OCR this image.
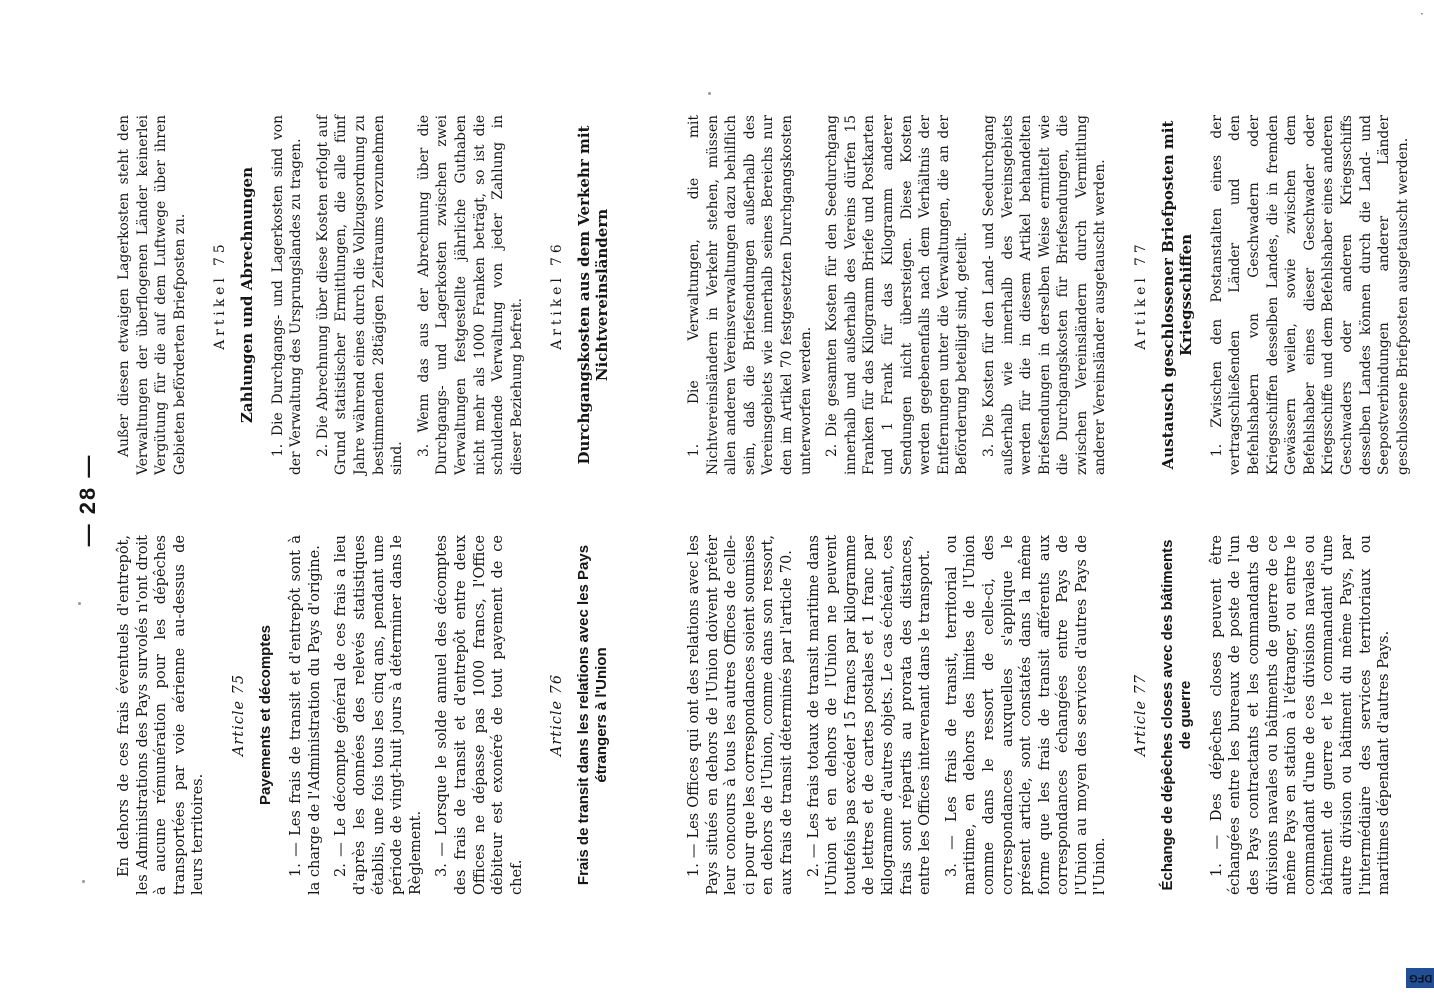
— 28 —

En dehors de ces frais éventuels d'entrepôt, les Administrations des Pays survolés n'ont droit à aucune rémunération pour les dépêches transportées par voie aérienne au-dessus de leurs territoires.

Article 75 Payements et décomptes 1. — Les frais de transit et d'entrepôt sont à la charge de l'Administration du Pays d'origine. 2. — Le décompte général de ces frais a lieu d'après les données des relevés statistiques établis, une fois tous les cinq ans, pendant une période de vingt-huit jours à déterminer dans le Règlement. 3. — Lorsque le solde annuel des décomptes des frais de transit et d'entrepôt entre deux Offices ne dépasse pas 1000 francs, l'Office débiteur est exonéré de tout payement de ce chef.

Article 76 Frais de transit dans les relations avec les Pays étrangers à l'Union	1. — Les Offices qui ont des relations avec les Pays situés en dehors de l'Union doivent prêter leur concours à tous les autres Offices de celle-ci pour que les correspondances soient soumises en dehors de l'Union, comme dans son ressort, aux frais de transit déterminés par l'article 70. 2. — Les frais totaux de transit maritime dans l'Union et en dehors de l'Union ne peuvent toutefois pas excéder 15 francs par kilogramme de lettres et de cartes postales et 1 franc par kilogramme d'autres objets. Le cas échéant, ces frais sont répartis au prorata des distances, entre les Offices intervenant dans le transport. 3. — Les frais de transit, territorial ou maritime, en dehors des limites de l'Union comme dans le ressort de celle-ci, des correspondances auxquelles s'applique le présent article, sont constatés dans la même forme que les frais de transit afférents aux correspondances échangées entre Pays de l'Union au moyen des services d'autres Pays de l'Union.

Article 77 Échange de dépêches closes avec des bâtiments de guerre 1. — Des dépêches closes peuvent être échangées entre les bureaux de poste de l'un des Pays contractants et les commandants de divisions navales ou bâtiments de guerre de ce même Pays en station à l'étranger, ou entre le commandant d'une de ces divisions navales ou bâtiment de guerre et le commandant d'une autre division ou bâtiment du même Pays, par l'intermédiaire des services territoriaux ou maritimes dépendant d'autres Pays.

Außer diesen etwaigen Lagerkosten steht den Verwaltungen der überflogenen Länder keinerlei Vergütung für die auf dem Luftwege über ihren Gebieten beförderten Briefposten zu. Artikel 75 Zahlungen und Abrechnungen 1. Die Durchgangs- und Lagerkosten sind von der Verwaltung des Ursprungslandes zu tragen. 2. Die Abrechnung über diese Kosten erfolgt auf Grund statistischer Ermittlungen, die alle fünf Jahre während eines durch die Vollzugsordnung zu bestimmenden 28tägigen Zeitraums vorzunehmen sind.

3. Wenn das aus der Abrechnung über die Durchgangs- und Lagerkosten zwischen zwei Verwaltungen festgestellte jährliche Guthaben nicht mehr als 1000 Franken beträgt, so ist die schuldende Verwaltung von jeder Zahlung in dieser Beziehung befreit.

Artikel 76 Durchgangskosten aus dem Verkehr mit Nichtvereinsländern	1. Die Verwaltungen, die mit Nichtvereinsländern in Verkehr stehen, müssen allen anderen Vereinsverwaltungen dazu behilflich sein, daß die Briefsendungen außerhalb des Vereinsgebiets wie innerhalb seines Bereichs nur den im Artikel 70 festgesetzten Durchgangskosten unterworfen werden. 2. Die gesamten Kosten für den Seedurchgang innerhalb und außerhalb des Vereins dürfen 15 Franken für das Kilogramm Briefe und Postkarten und 1 Frank für das Kilogramm anderer Sendungen nicht übersteigen. Diese Kosten werden gegebenenfalls nach dem Verhältnis der Entfernungen unter die Verwaltungen, die an der Beförderung beteiligt sind, geteilt. 3. Die Kosten für den Land- und Seedurchgang außerhalb wie innerhalb des Vereinsgebiets werden für die in diesem Artikel behandelten Briefsendungen in derselben Weise ermittelt wie die Durchgangskosten für Briefsendungen, die zwischen Vereinsländern durch Vermittlung anderer Vereinsländer ausgetauscht werden. Artikel 77 Austausch geschlossener Briefposten mit Kriegsschiffen 1. Zwischen den Postanstalten eines der vertragschließenden Länder und den Befehlshabern von Geschwadern oder Kriegsschiffen desselben Landes, die in fremden Gewässern weilen, sowie zwischen dem Befehlshaber eines dieser Geschwader oder Kriegsschiffe und dem Befehlshaber eines anderen Geschwaders oder anderen Kriegsschiffs desselben Landes können durch die Land- und Seepostverbindungen anderer Länder geschlossene Briefposten ausgetauscht werden.

·
DFG
